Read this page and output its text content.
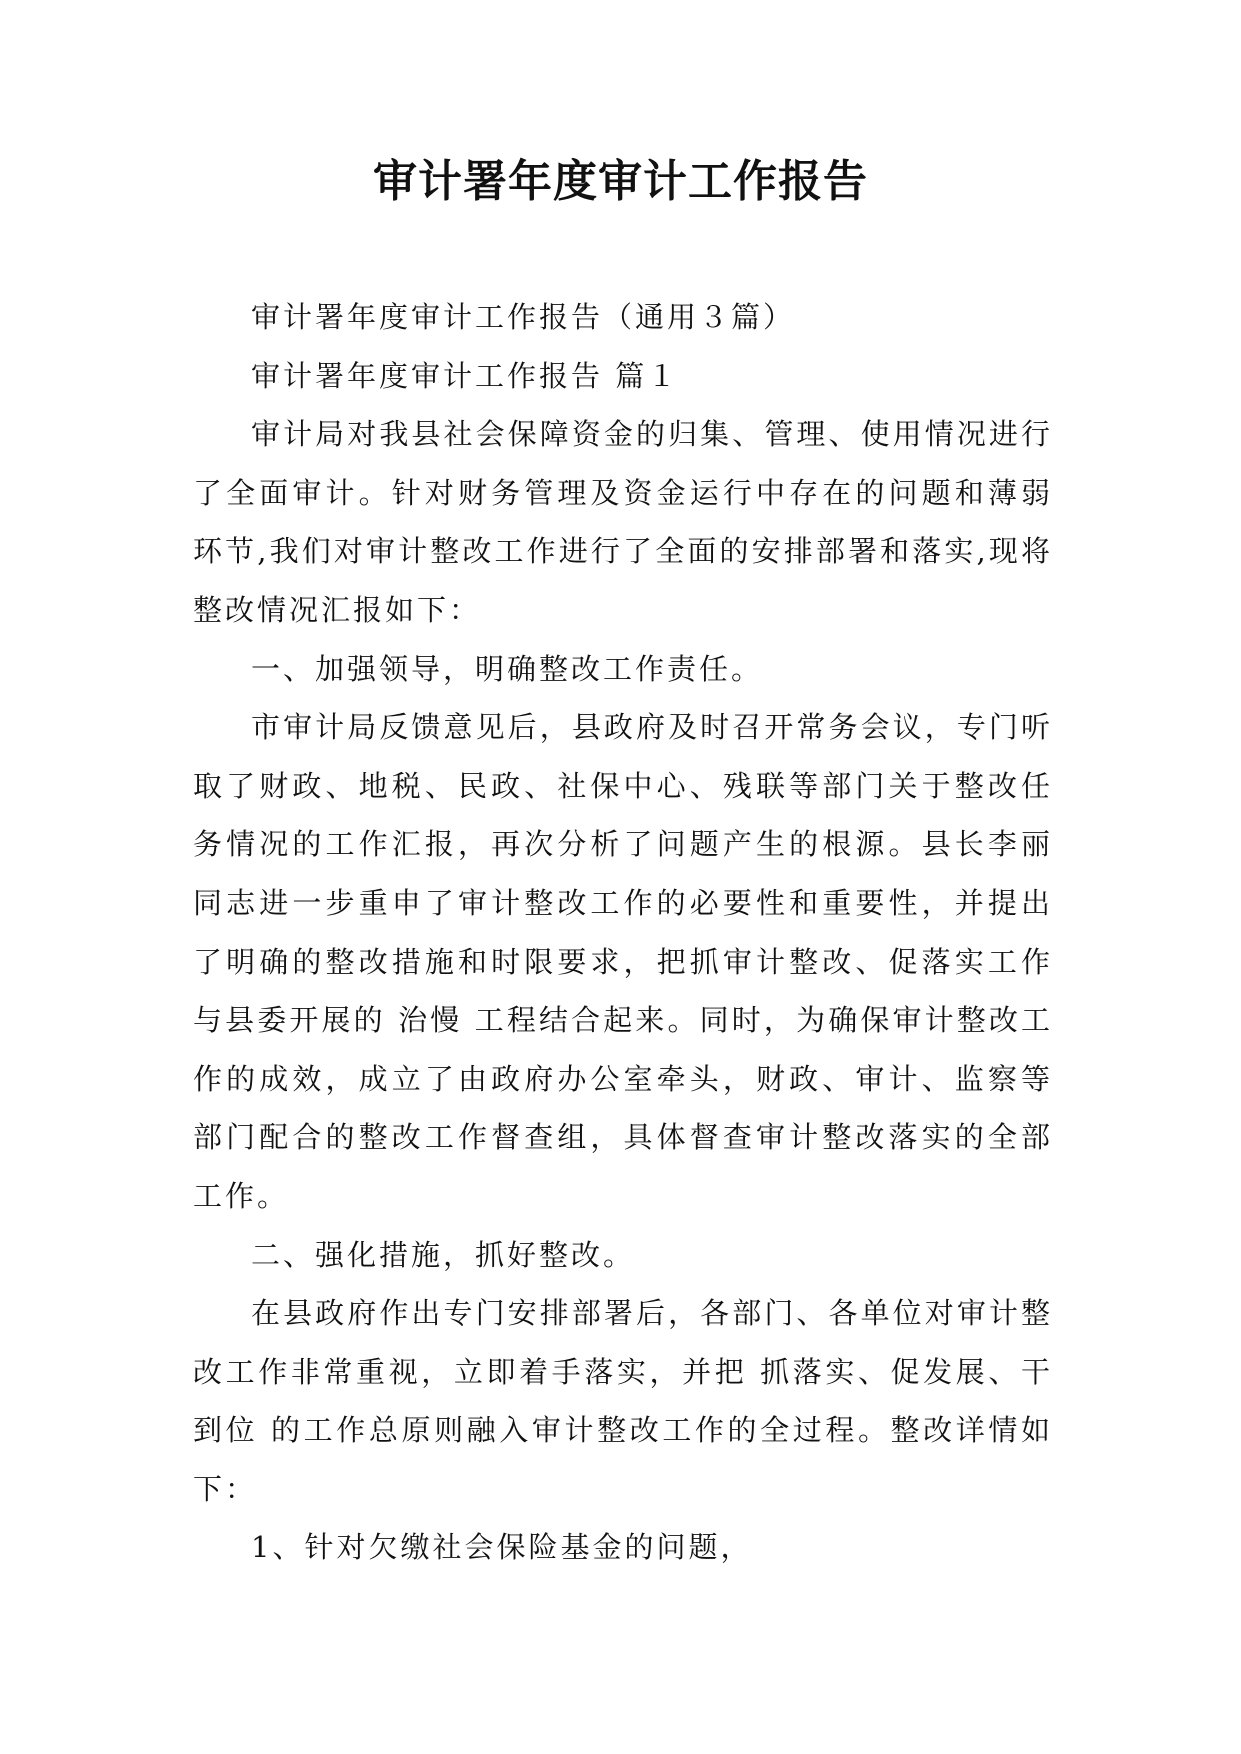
审计署年度审计工作报告

审计署年度审计工作报告（通用３篇）

审计署年度审计工作报告 篇１

审计局对我县社会保障资金的归集、管理、使用情况进行了全面审计。针对财务管理及资金运行中存在的问题和薄弱环节,我们对审计整改工作进行了全面的安排部署和落实,现将整改情况汇报如下：

一、加强领导，明确整改工作责任。

市审计局反馈意见后，县政府及时召开常务会议，专门听取了财政、地税、民政、社保中心、残联等部门关于整改任务情况的工作汇报，再次分析了问题产生的根源。县长李丽同志进一步重申了审计整改工作的必要性和重要性，并提出了明确的整改措施和时限要求，把抓审计整改、促落实工作与县委开展的 治慢 工程结合起来。同时，为确保审计整改工作的成效，成立了由政府办公室牵头，财政、审计、监察等部门配合的整改工作督查组，具体督查审计整改落实的全部工作。

二、强化措施，抓好整改。

在县政府作出专门安排部署后，各部门、各单位对审计整改工作非常重视，立即着手落实，并把 抓落实、促发展、干到位 的工作总原则融入审计整改工作的全过程。整改详情如下：

1、针对欠缴社会保险基金的问题，
